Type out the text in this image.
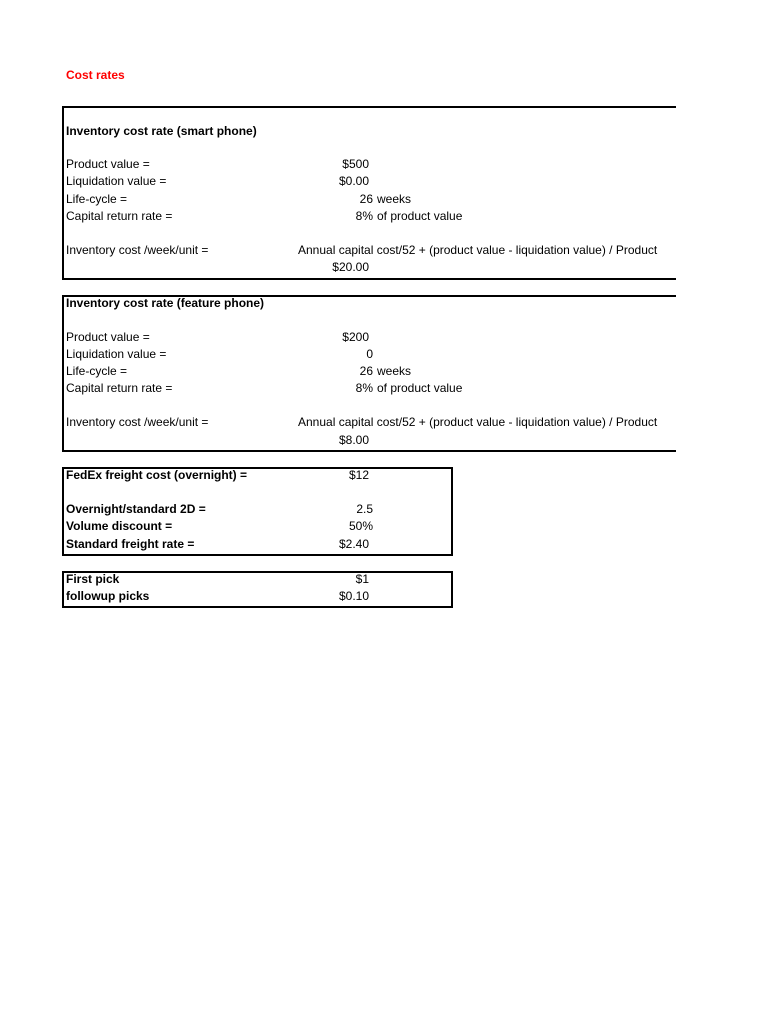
Cost rates
Inventory cost rate (smart phone)
Product value =	$500
Liquidation value =	$0.00
Life-cycle =	26 weeks
Capital return rate =	8% of product value
Inventory cost /week/unit =	Annual capital cost/52 + (product value - liquidation value) / Product
$20.00
Inventory cost rate (feature phone)
Product value =	$200
Liquidation value =	0
Life-cycle =	26 weeks
Capital return rate =	8% of product value
Inventory cost /week/unit =	Annual capital cost/52 + (product value - liquidation value) / Product
$8.00
FedEx freight cost (overnight) =	$12
Overnight/standard 2D =	2.5
Volume discount =	50%
Standard freight rate =	$2.40
First pick	$1
followup picks	$0.10
